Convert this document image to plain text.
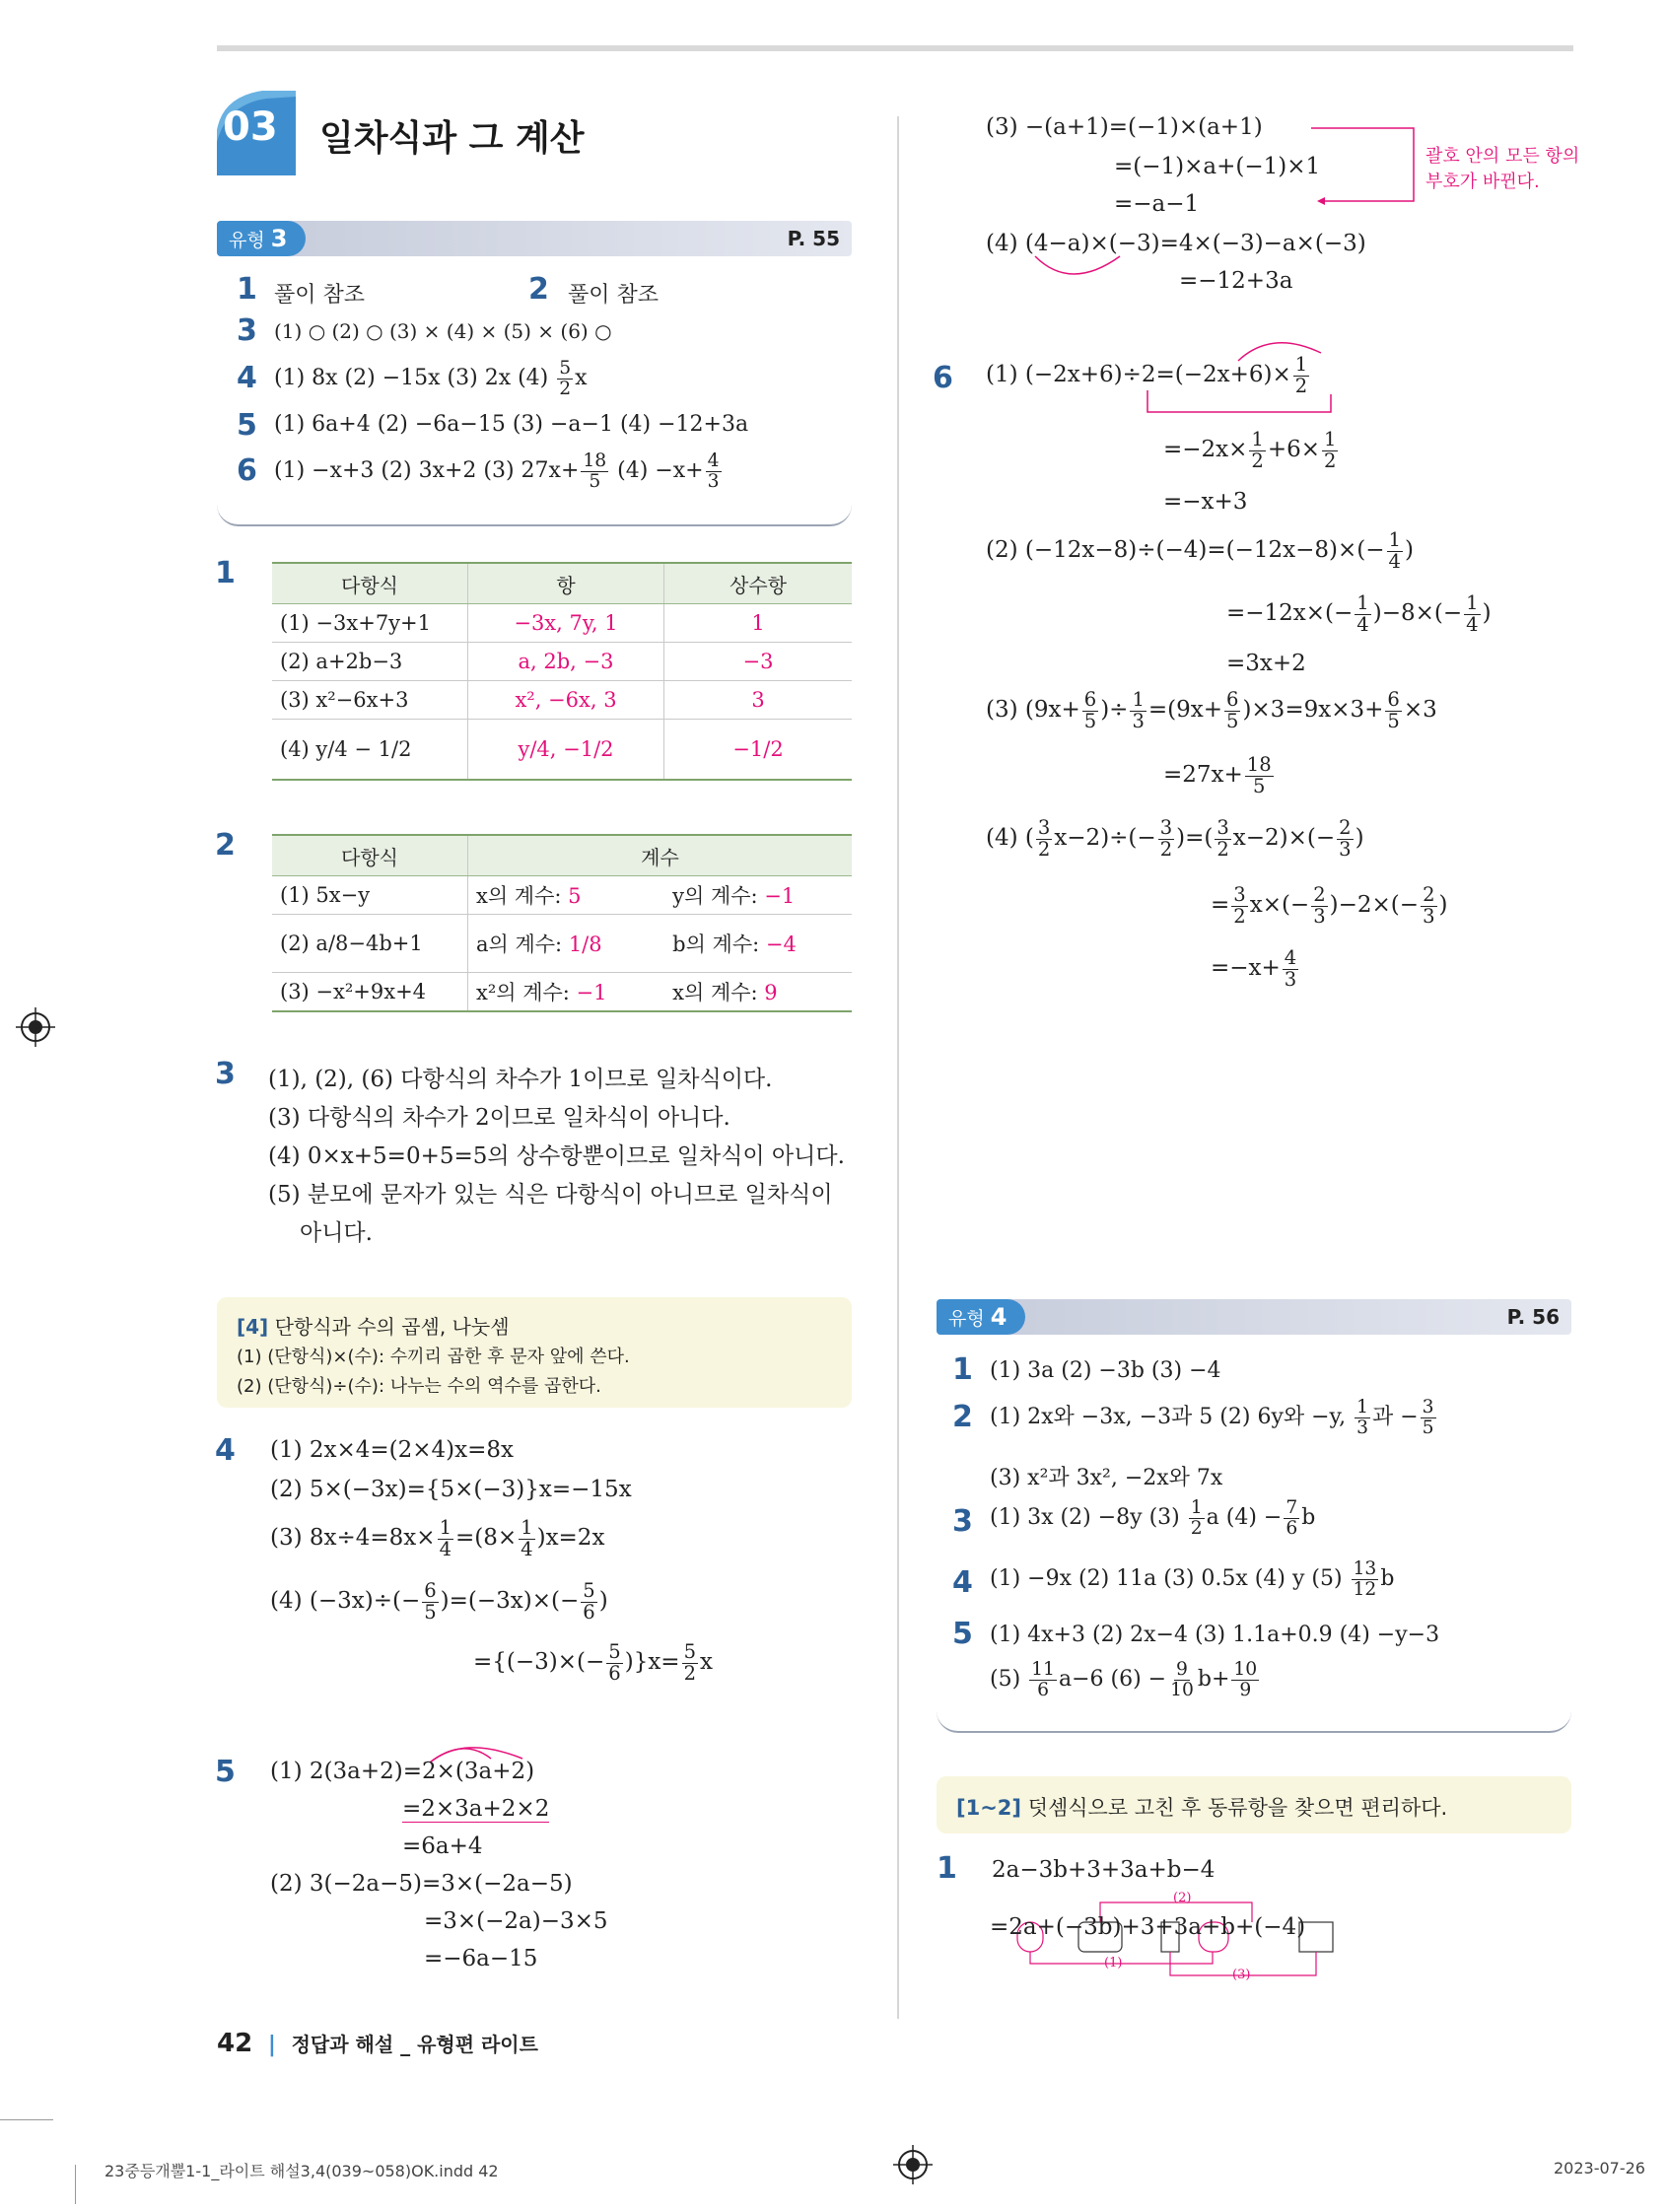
03 일차식과 그 계산
유형 3	P. 55
1 풀이 참조	2 풀이 참조
3 (1) ○ (2) ○ (3) × (4) × (5) × (6) ○
4 (1) 8x (2) −15x (3) 2x $(4) \frac{5}{2}$ x
5 (1) 6a+4 (2) −6a−15 (3) −a−1 (4) −12+3a
6 (1) −x+3 (2) 3x+2 (3) $27x+ \frac{18}{5} (4) -x+ \frac{4}{3}$
1	다항식	항	상수항
(1) −3x+7y+1	−3x, 7y, 1	1
(2) a+2b−3	a, 2b, −3	−3
(3) x²−6x+3	x², −6x, 3	3
(4) y/4 − 1/2	y/4, −1/2	−1/2
2	다항식	계수	
(1) 5x−y	x의 계수: 5	y의 계수: −1
(2) a/8−4b+1	a의 계수: 1/8	b의 계수: −4
(3) −x²+9x+4	x²의 계수: −1	x의 계수: 9
3 (1), (2), (6) 다항식의 차수가 1이므로 일차식이다.
(3) 다항식의 차수가 2이므로 일차식이 아니다.
(4) 0×x+5=0+5=5의 상수항뿐이므로 일차식이 아니다.
(5) 분모에 문자가 있는 식은 다항식이 아니므로 일차식이
아니다.
[4] 단항식과 수의 곱셈, 나눗셈
(1) (단항식)×(수): 수끼리 곱한 후 문자 앞에 쓴다.
(2) (단항식)÷(수): 나누는 수의 역수를 곱한다.
4 (1) 2x×4=(2×4)x=8x
(2) 5×(−3x)={5×(−3)}x=−15x
(3) $8x\div 4=8x\times \frac{1}{4} =(8\times \frac{1}{4} )x=2x$
(4) $(-3x)\div(- \frac{6}{5} )=(-3x)\times(- \frac{5}{6}$ )
$=\{(-3)\times(- \frac{5}{6} )\}x= \frac{5}{2}$ x
5 (1) 2(3a+2)=2×(3a+2)
=2×3a+2×2
=6a+4
(2) 3(−2a−5)=3×(−2a−5)
=3×(−2a)−3×5
=−6a−15
(3) −(a+1)=(−1)×(a+1)
=(−1)×a+(−1)×1
=−a−1
괄호 안의 모든 항의
부호가 바뀐다.
(4) (4−a)×(−3)=4×(−3)−a×(−3)
=−12+3a
6 (1) $(-2x+6)\div 2=(-2x+6)\times \frac{1}{2}$
$=-2x\times \frac{1}{2} +6\times \frac{1}{2}$
=−x+3
(2) $(-12x-8)\div(-4)=(-12x-8)\times(- \frac{1}{4}$ )
$=-12x\times(- \frac{1}{4} )-8\times(- \frac{1}{4}$ )
=3x+2
(3) ($9x+ \frac{6}{5}$ )÷ $\frac{1}{3} =(9x+ \frac{6}{5} )\times 3=9x\times 3+ \frac{6}{5} \times 3$
$=27x+ \frac{18}{5}$
(4) ( $\frac{3}{2} x-2)\div(- \frac{3}{2}$ )=( $\frac{3}{2} x-2)\times(- \frac{2}{3}$ )
= $\frac{3}{2} x\times(- \frac{2}{3} )-2\times(- \frac{2}{3}$ )
$=-x+ \frac{4}{3}$
유형 4	P. 56
1 (1) 3a (2) −3b (3) −4
2 (1) 2x와 −3x, −3과 5 (2) 6y와 −y, $\frac{1}{3}$ 과 − $\frac{3}{5}$
(3) x²과 3x², −2x와 7x
3 (1) 3x (2) −8y $(3) \frac{1}{2}$ a $(4) - \frac{7}{6}$ b
4 (1) −9x (2) 11a (3) 0.5x (4) y $(5) \frac{13}{12}$ b
5 (1) 4x+3 (2) 2x−4 (3) 1.1a+0.9 (4) −y−3
$(5) \frac{11}{6} a-6$ $(6) - \frac{9}{10} b+ \frac{10}{9}$
[1~2] 덧셈식으로 고친 후 동류항을 찾으면 편리하다.
1 2a−3b+3+3a+b−4
=2a+(−3b)+3+3a+b+(−4)
(2)
(1)
(3)
42 | 정답과 해설 _ 유형편 라이트
23중등개뿔1-1_라이트 해설3,4(039~058)OK.indd 42	2023-07-26
